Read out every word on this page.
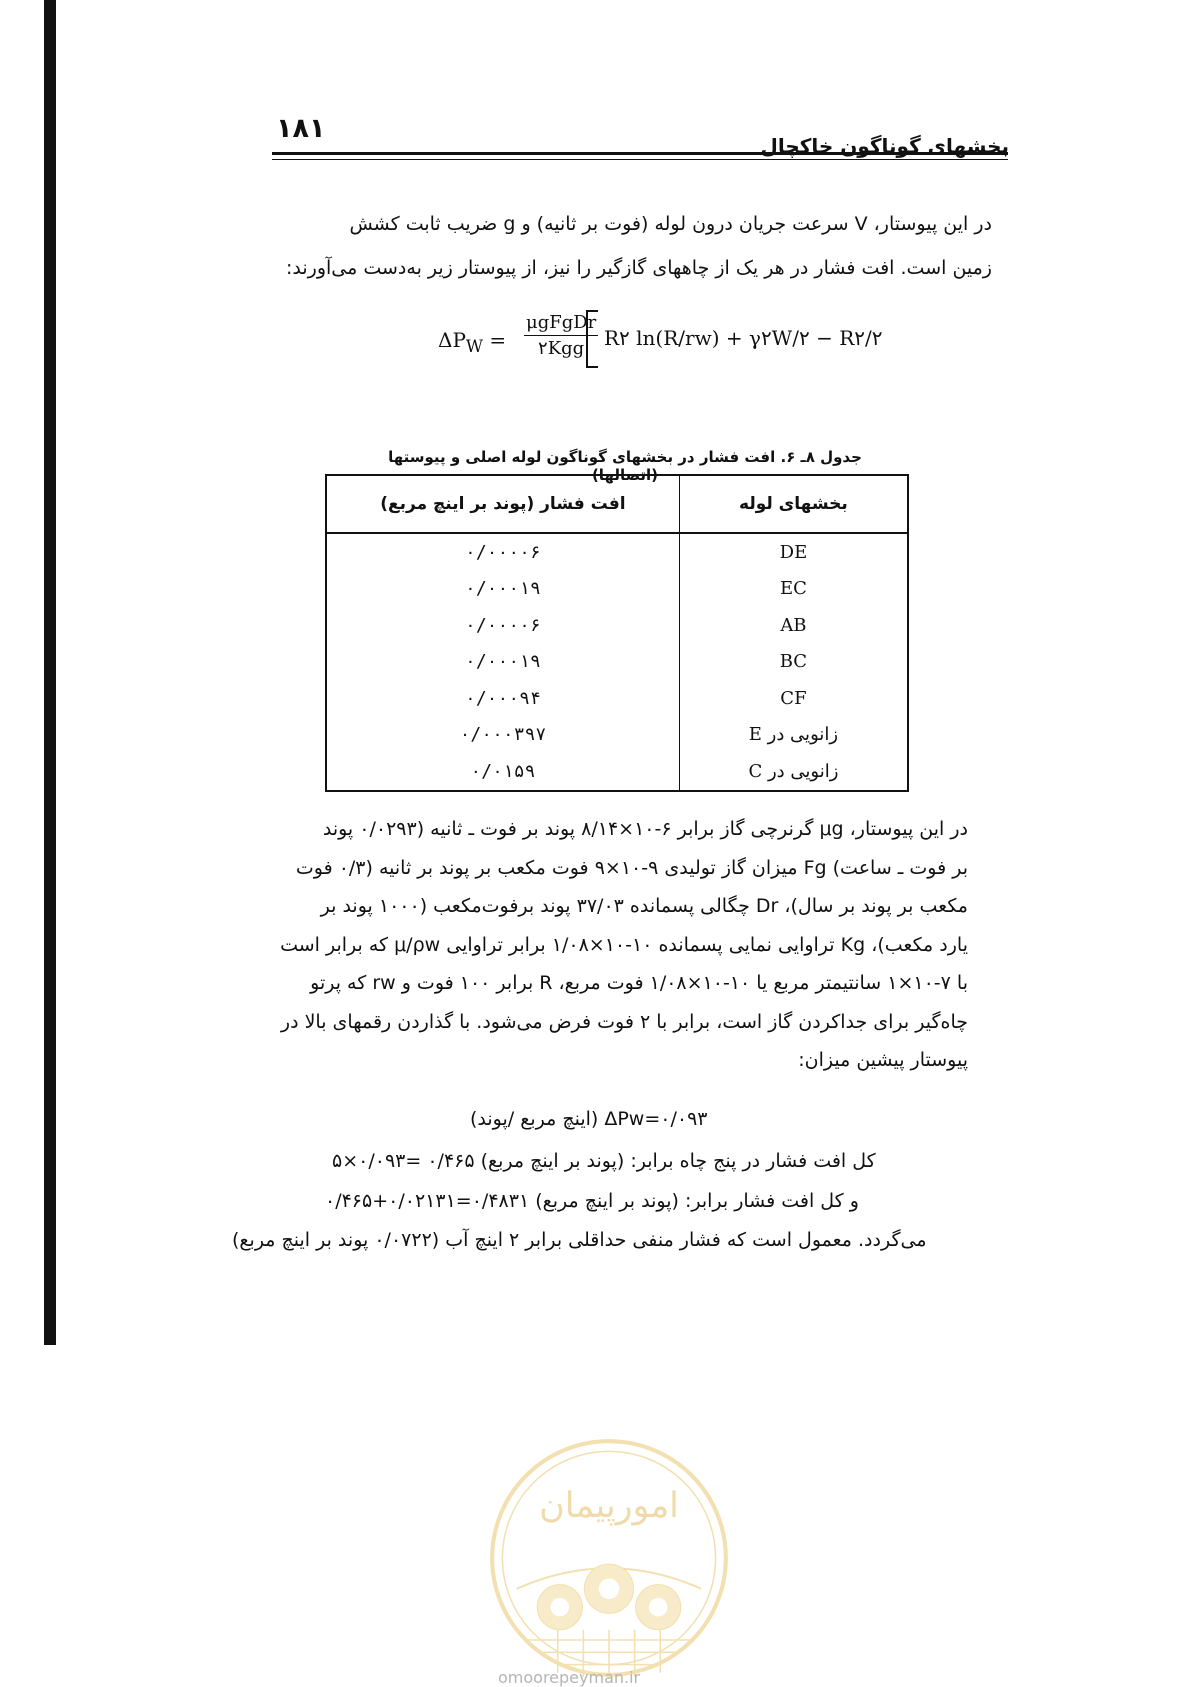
۱۸۱
بخشهای گوناگون خاکچال

در این پیوستار، V سرعت جریان درون لوله (فوت بر ثانیه) و g ضریب ثابت کشش

زمین است. افت فشار در هر یک از چاههای گازگیر را نیز، از پیوستار زیر به‌دست می‌آورند:

$\Delta P_W$ =
μgFgDr
۲Kgg R۲ ln(R/rw) + γ۲W/۲ − R۲/۲
جدول ۸ـ ۶. افت فشار در بخشهای گوناگون لوله اصلی و پیوستها (اتصالها)
افت فشار (پوند بر اینچ مربع)	بخشهای لوله
۰/۰۰۰۰۶	DE
۰/۰۰۰۱۹	EC
۰/۰۰۰۰۶	AB
۰/۰۰۰۱۹	BC
۰/۰۰۰۹۴	CF
۰/۰۰۰۳۹۷	زانویی در E
۰/۰۱۵۹	زانویی در C

در این پیوستار، μg گرنرچی گاز برابر ۶-۱۰×۸/۱۴ پوند بر فوت ـ ثانیه (۰/۰۲۹۳ پوند

بر فوت ـ ساعت) Fg میزان گاز تولیدی ۹-۱۰×۹ فوت مکعب بر پوند بر ثانیه (۰/۳ فوت

مکعب بر پوند بر سال)، Dr چگالی پسمانده ۳۷/۰۳ پوند برفوت‌مکعب (۱۰۰۰ پوند بر

یارد مکعب)، Kg تراوایی نمایی پسمانده ۱۰-۱۰×۱/۰۸ برابر تراوایی μ/ρw که برابر است

با ۷-۱۰×۱ سانتیمتر مربع یا ۱۰-۱۰×۱/۰۸ فوت مربع، R برابر ۱۰۰ فوت و rw که پرتو

چاه‌گیر برای جداکردن گاز است، برابر با ۲ فوت فرض می‌شود. با گذاردن رقمهای بالا در

پیوستار پیشین میزان:

ΔPw=۰/۰۹۳ (اینچ مربع /پوند)
کل افت فشار در پنج چاه برابر: (پوند بر اینچ مربع) ۰/۴۶۵ =۰/۰۹۳×۵
و کل افت فشار برابر: (پوند بر اینچ مربع) ۰/۴۸۳۱=۰/۰۲۱۳۱+۰/۴۶۵
می‌گردد. معمول است که فشار منفی حداقلی برابر ۲ اینچ آب (۰/۰۷۲۲ پوند بر اینچ مربع)
امورپیمان
omoorepeyman.ir
